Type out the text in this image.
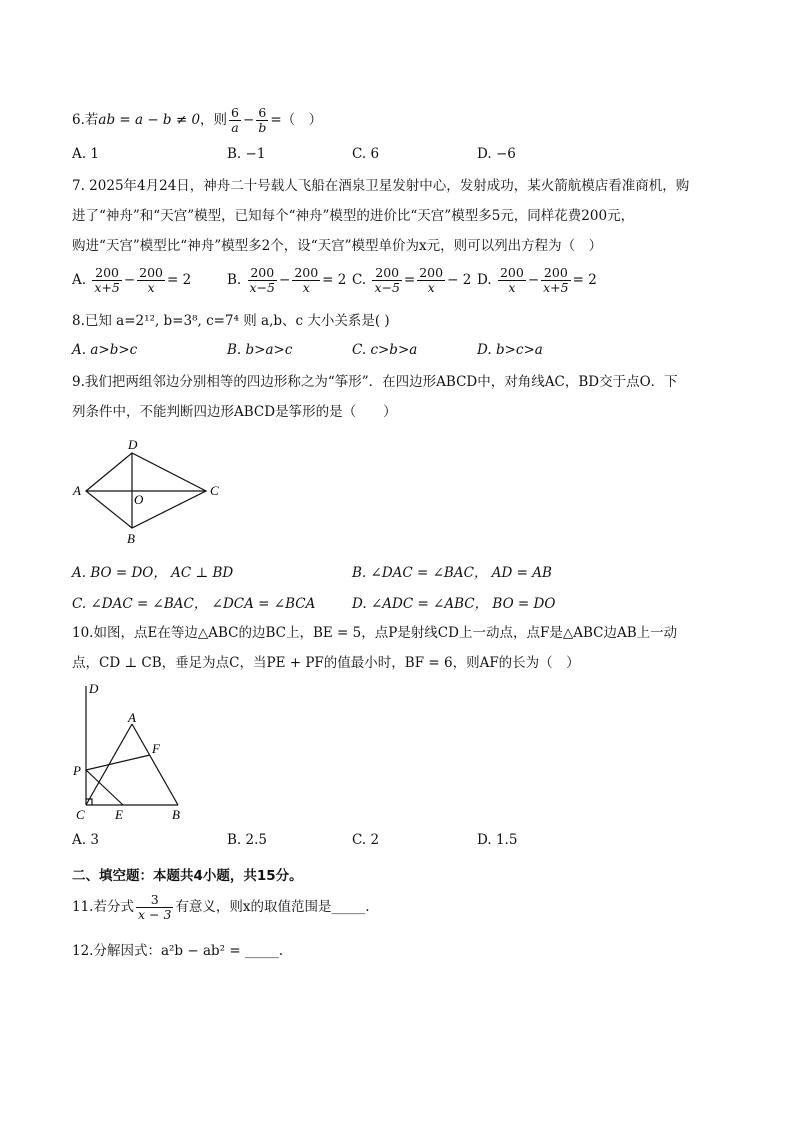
6.若ab = a − b ≠ 0，则 $\frac{6}{a} - \frac{6}{b}$ =（　）
A. 1	B. −1	C. 6	D. −6

7. 2025年4月24日，神舟二十号载人飞船在酒泉卫星发射中心，发射成功，某火箭航模店看准商机，购

进了“神舟”和“天宫”模型，已知每个“神舟”模型的进价比“天宫”模型多5元，同样花费200元，

购进“天宫”模型比“神舟”模型多2个，设“天宫”模型单价为x元，则可以列出方程为（　）

A. $\frac{200}{x+5} - \frac{200}{x} = 2$	B. $\frac{200}{x-5} - \frac{200}{x} = 2$ C. $\frac{200}{x-5} = \frac{200}{x} - 2$ D. $\frac{200}{x} - \frac{200}{x+5} = 2$
8.已知 a=2¹², b=3⁸, c=7⁴ 则 a,b、c 大小关系是( )
A. a>b>c	B. b>a>c	C. c>b>a	D. b>c>a

9.我们把两组邻边分别相等的四边形称之为“筝形”．在四边形ABCD中，对角线AC，BD交于点O．下

列条件中，不能判断四边形ABCD是筝形的是（　　）

D
A	C
O
B
A. BO = DO， AC ⊥ BD	B. ∠DAC = ∠BAC， AD = AB
C. ∠DAC = ∠BAC， ∠DCA = ∠BCA	D. ∠ADC = ∠ABC， BO = DO

10.如图，点E在等边△ABC的边BC上，BE = 5，点P是射线CD上一动点，点F是△ABC边AB上一动

点，CD ⊥ CB，垂足为点C，当PE + PF的值最小时，BF = 6，则AF的长为（　）

D
A
F
P
C E	B
A. 3	B. 2.5	C. 2	D. 1.5
二、填空题：本题共4小题，共15分。
11.若分式 $\frac{3}{x - 3}$ 有意义，则x的取值范围是_____.
12.分解因式：a²b − ab² = _____.
